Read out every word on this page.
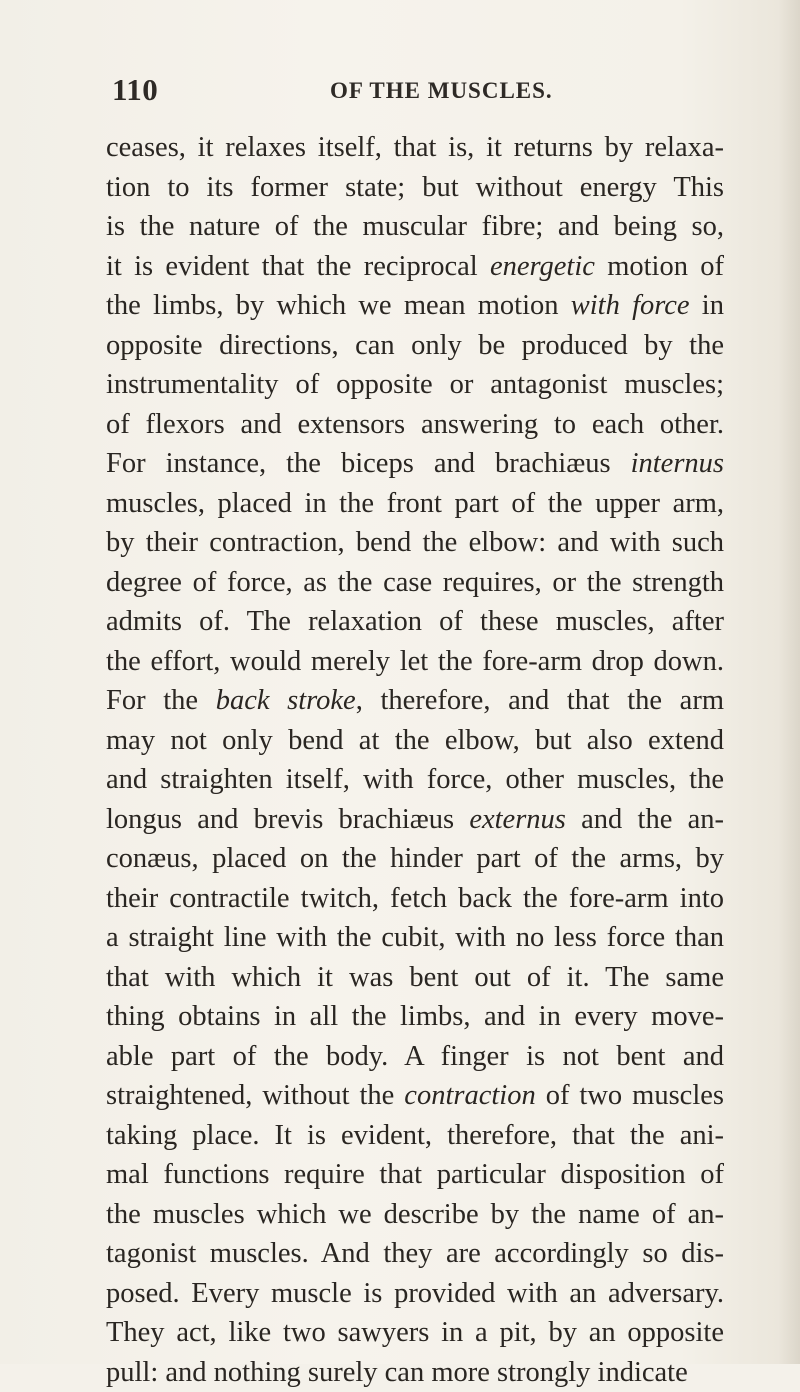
110	OF THE MUSCLES.
ceases, it relaxes itself, that is, it returns by relaxa-
tion to its former state; but without energy This
is the nature of the muscular fibre; and being so,
it is evident that the reciprocal energetic motion of
the limbs, by which we mean motion with force in
opposite directions, can only be produced by the
instrumentality of opposite or antagonist muscles;
of flexors and extensors answering to each other.
For instance, the biceps and brachiæus internus
muscles, placed in the front part of the upper arm,
by their contraction, bend the elbow: and with such
degree of force, as the case requires, or the strength
admits of. The relaxation of these muscles, after
the effort, would merely let the fore-arm drop down.
For the back stroke, therefore, and that the arm
may not only bend at the elbow, but also extend
and straighten itself, with force, other muscles, the
longus and brevis brachiæus externus and the an-
conæus, placed on the hinder part of the arms, by
their contractile twitch, fetch back the fore-arm into
a straight line with the cubit, with no less force than
that with which it was bent out of it. The same
thing obtains in all the limbs, and in every move-
able part of the body. A finger is not bent and
straightened, without the contraction of two muscles
taking place. It is evident, therefore, that the ani-
mal functions require that particular disposition of
the muscles which we describe by the name of an-
tagonist muscles. And they are accordingly so dis-
posed. Every muscle is provided with an adversary.
They act, like two sawyers in a pit, by an opposite
pull: and nothing surely can more strongly indicate
